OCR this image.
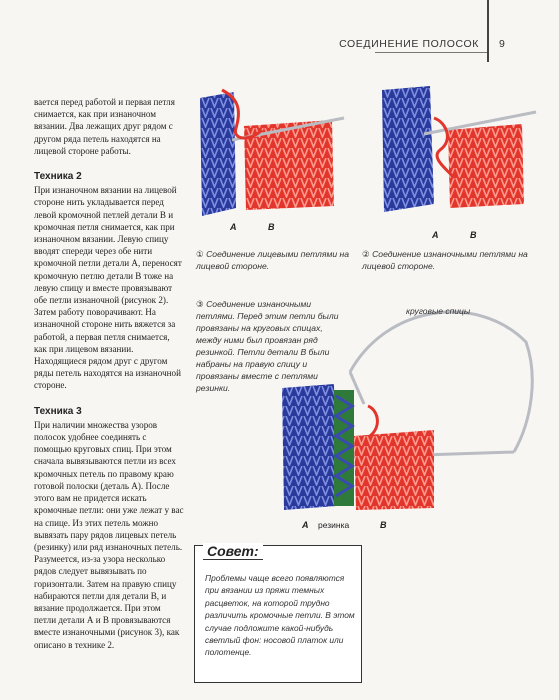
СОЕДИНЕНИЕ ПОЛОСОК 9

вается перед работой и первая петля снимается, как при изнаночном вязании. Два лежащих друг рядом с другом ряда петель находятся на лицевой стороне работы.

Техника 2

При изнаночном вязании на лицевой стороне нить укладывается перед левой кромочной петлей детали В и кромочная петля снимается, как при изнаночном вязании. Левую спицу вводят спереди через обе нити кромочной петли детали А, переносят кромочную петлю детали В тоже на левую спицу и вместе провязывают обе петли изнаночной (рисунок 2). Затем работу поворачивают. На изнаночной стороне нить вяжется за работой, а первая петля снимается, как при лицевом вязании. Находящиеся рядом друг с другом ряды петель находятся на изнаночной стороне.

Техника 3

При наличии множества узоров полосок удобнее соединять с помощью круговых спиц. При этом сначала вывязываются петли из всех кромочных петель по правому краю готовой полоски (деталь А). После этого вам не придется искать кромочные петли: они уже лежат у вас на спице. Из этих петель можно вывязать пару рядов лицевых петель (резинку) или ряд изнаночных петель. Разумеется, из-за узора несколько рядов следует вывязывать по горизонтали. Затем на правую спицу набираются петли для детали В, и вязание продолжается. При этом петли детали А и В провязываются вместе изнаночными (рисунок 3), как описано в технике 2.

A	B
① Соединение лицевыми петлями на лицевой стороне.
A	B
② Соединение изнаночными петлями на лицевой стороне.
③ Соединение изнаночными петлями. Перед этим петли были провязаны на круговых спицах, между ними был провязан ряд резинкой. Петли детали В были набраны на правую спицу и провязаны вместе с петлями резинки.
круговые спицы
A резинка	B
Совет:
Проблемы чаще всего появляются при вязании из пряжи темных расцветок, на которой трудно различить кромочные петли. В этом случае подложите какой-нибудь светлый фон: носовой платок или полотенце.
